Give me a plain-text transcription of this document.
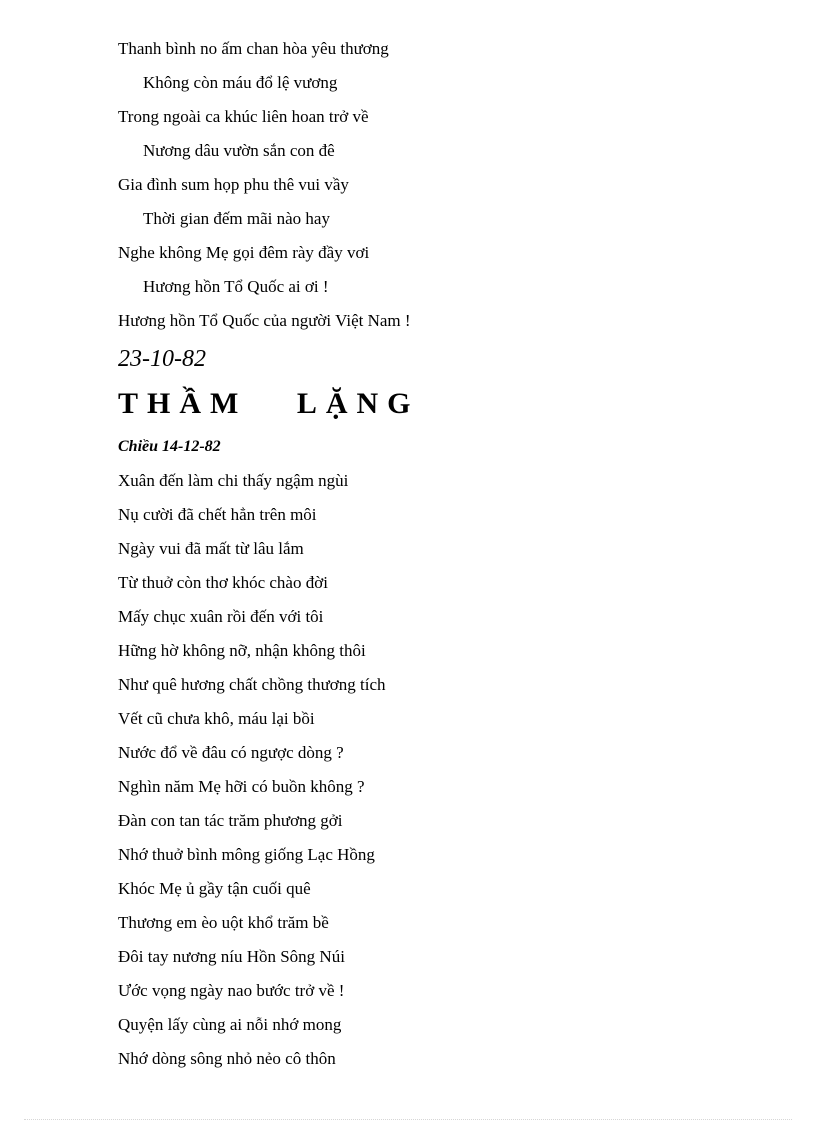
Thanh bình no ấm chan hòa yêu thương
Không còn máu đổ lệ vương
Trong ngoài ca khúc liên hoan trở về
Nương dâu vườn sắn con đê
Gia đình sum họp phu thê vui vầy
Thời gian đếm mãi nào hay
Nghe không Mẹ gọi đêm rày đầy vơi
Hương hồn Tổ Quốc ai ơi !
Hương hồn Tổ Quốc của người Việt Nam !
23-10-82
THẦM   LẶNG
Chiều 14-12-82
Xuân đến làm chi thấy ngậm ngùi
Nụ cười đã chết hẳn trên môi
Ngày vui đã mất từ lâu lắm
Từ thuở còn thơ khóc chào đời
Mấy chục xuân rồi đến với tôi
Hững hờ không nỡ, nhận không thôi
Như quê hương chất chồng thương tích
Vết cũ chưa khô, máu lại bồi
Nước đổ về đâu có ngược dòng ?
Nghìn năm Mẹ hỡi có buồn không ?
Đàn con tan tác trăm phương gởi
Nhớ thuở bình mông giống Lạc Hồng
Khóc Mẹ ủ gầy tận cuối quê
Thương em èo uột khổ trăm bề
Đôi tay nương níu Hồn Sông Núi
Ước vọng ngày nao bước trở về !
Quyện lấy cùng ai nỗi nhớ mong
Nhớ dòng sông nhỏ nẻo cô thôn
